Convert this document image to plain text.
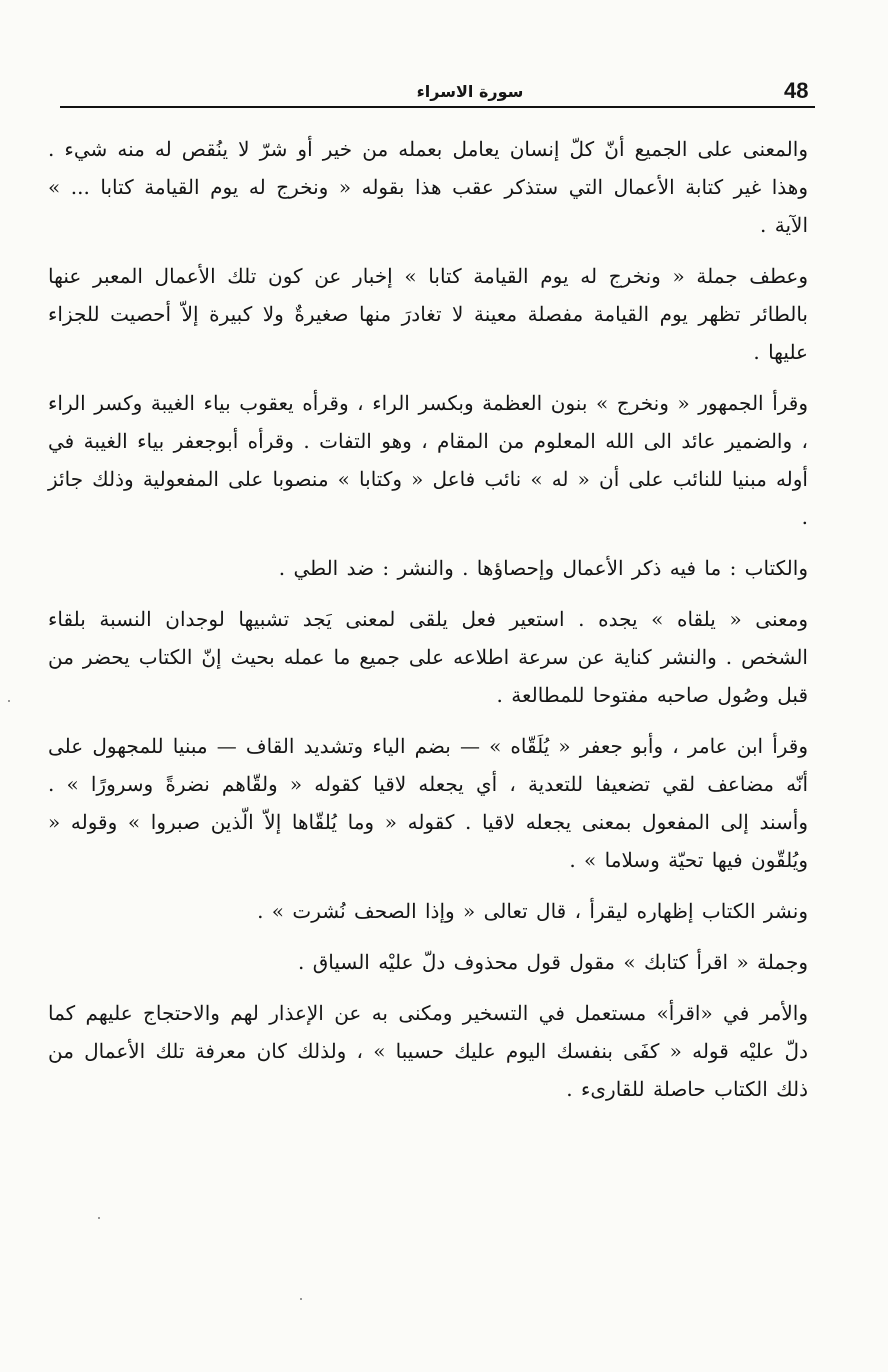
48
سورة الاسراء

والمعنى على الجميع أنّ كلّ إنسان يعامل بعمله من خير أو شرّ لا ينُقص له منه شيء . وهذا غير كتابة الأعمال التي ستذكر عقب هذا بقوله « ونخرج له يوم القيامة كتابا ... » الآية .

وعطف جملة « ونخرج له يوم القيامة كتابا » إخبار عن كون تلك الأعمال المعبر عنها بالطائر تظهر يوم القيامة مفصلة معينة لا تغادرَ منها صغيرةٌ ولا كبيرة إلاّ أحصيت للجزاء عليها .

وقرأ الجمهور « ونخرج » بنون العظمة وبكسر الراء ، وقرأه يعقوب بياء الغيبة وكسر الراء ، والضمير عائد الى الله المعلوم من المقام ، وهو التفات . وقرأه أبوجعفر بياء الغيبة في أوله مبنيا للنائب على أن « له » نائب فاعل « وكتابا » منصوبا على المفعولية وذلك جائز .

والكتاب : ما فيه ذكر الأعمال وإحصاؤها . والنشر : ضد الطي .

ومعنى « يلقاه » يجده . استعير فعل يلقى لمعنى يَجد تشبيها لوجدان النسبة بلقاء الشخص . والنشر كناية عن سرعة اطلاعه على جميع ما عمله بحيث إنّ الكتاب يحضر من قبل وصُول صاحبه مفتوحا للمطالعة .

وقرأ ابن عامر ، وأبو جعفر « يُلَقّاه » — بضم الياء وتشديد القاف — مبنيا للمجهول على أنّه مضاعف لقي تضعيفا للتعدية ، أي يجعله لاقيا كقوله « ولقّاهم نضرةً وسرورًا » . وأسند إلى المفعول بمعنى يجعله لاقيا . كقوله « وما يُلقّاها إلاّ الّذين صبروا » وقوله « ويُلقّون فيها تحيّة وسلاما » .

ونشر الكتاب إظهاره ليقرأ ، قال تعالى « وإذا الصحف نُشرت » .

وجملة « اقرأ كتابك » مقول قول محذوف دلّ عليْه السياق .

والأمر في «اقرأ» مستعمل في التسخير ومكنى به عن الإعذار لهم والاحتجاج عليهم كما دلّ عليْه قوله « كفَى بنفسك اليوم عليك حسيبا » ، ولذلك كان معرفة تلك الأعمال من ذلك الكتاب حاصلة للقارىء .
